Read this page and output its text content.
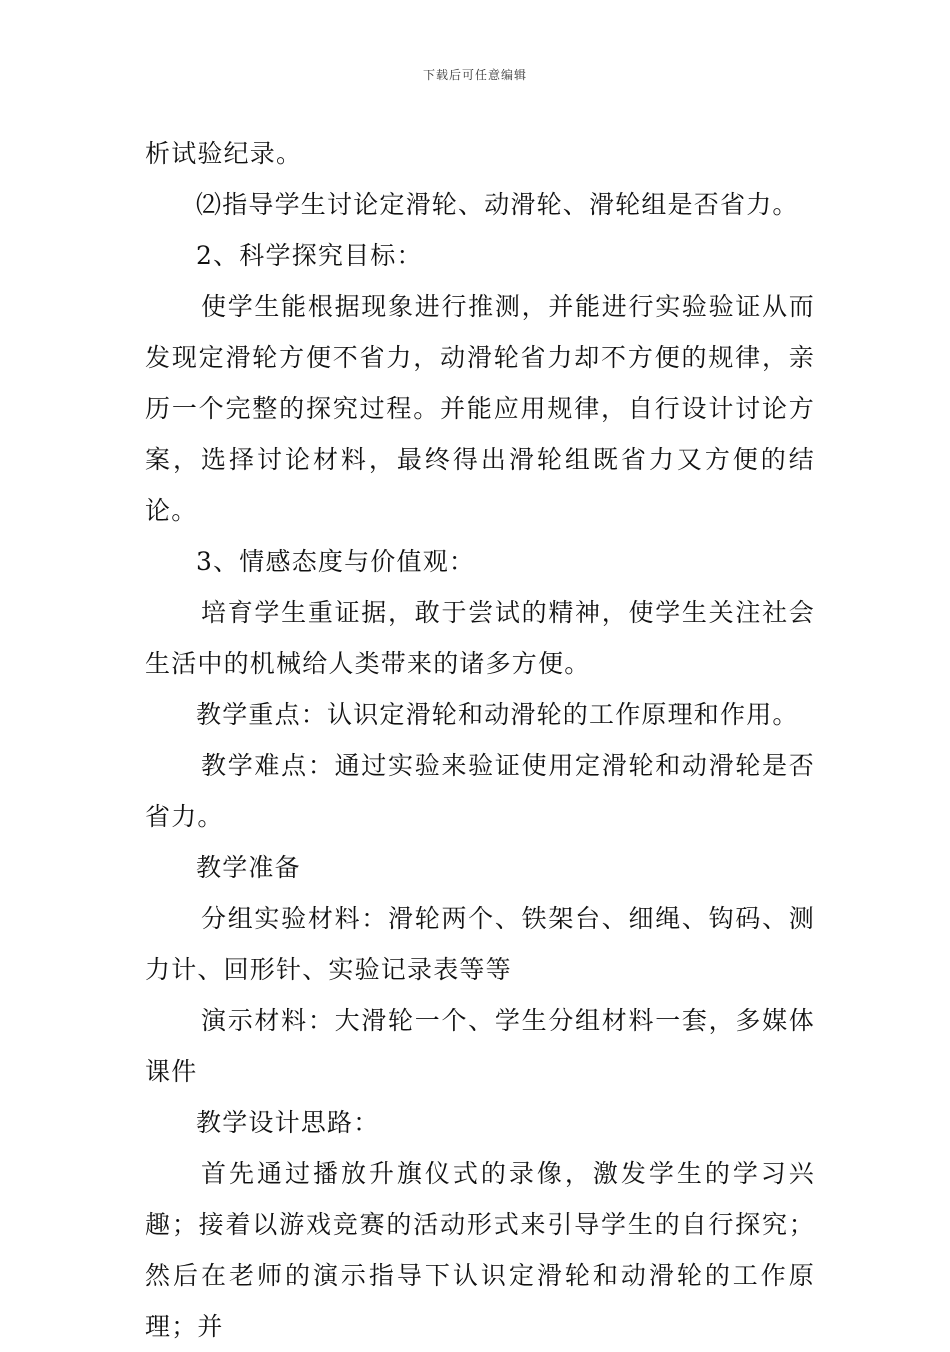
下载后可任意编辑

析试验纪录。

⑵指导学生讨论定滑轮、动滑轮、滑轮组是否省力。

2、科学探究目标：

使学生能根据现象进行推测，并能进行实验验证从而发现定滑轮方便不省力，动滑轮省力却不方便的规律，亲历一个完整的探究过程。并能应用规律，自行设计讨论方案，选择讨论材料，最终得出滑轮组既省力又方便的结论。

3、情感态度与价值观：

培育学生重证据，敢于尝试的精神，使学生关注社会生活中的机械给人类带来的诸多方便。

教学重点：认识定滑轮和动滑轮的工作原理和作用。

教学难点：通过实验来验证使用定滑轮和动滑轮是否省力。

教学准备

分组实验材料：滑轮两个、铁架台、细绳、钩码、测力计、回形针、实验记录表等等

演示材料：大滑轮一个、学生分组材料一套，多媒体课件

教学设计思路：

首先通过播放升旗仪式的录像，激发学生的学习兴趣；接着以游戏竞赛的活动形式来引导学生的自行探究；然后在老师的演示指导下认识定滑轮和动滑轮的工作原理；并
